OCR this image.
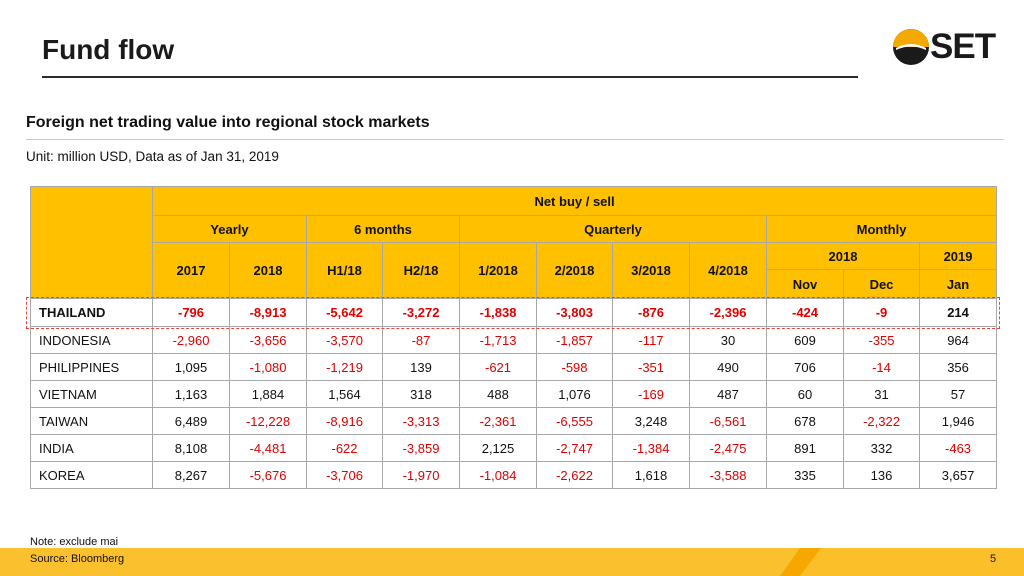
Fund flow	SET
Foreign net trading value into regional stock markets
Unit: million USD, Data as of Jan 31, 2019
	Net buy / sell										
	Yearly		6 months		Quarterly				Monthly		
	2017	2018	H1/18	H2/18	1/2018	2/2018	3/2018	4/2018	2018		2019
									Nov	Dec	Jan
THAILAND	-796	-8,913	-5,642	-3,272	-1,838	-3,803	-876	-2,396	-424	-9	214
INDONESIA	-2,960	-3,656	-3,570	-87	-1,713	-1,857	-117	30	609	-355	964
PHILIPPINES	1,095	-1,080	-1,219	139	-621	-598	-351	490	706	-14	356
VIETNAM	1,163	1,884	1,564	318	488	1,076	-169	487	60	31	57
TAIWAN	6,489	-12,228	-8,916	-3,313	-2,361	-6,555	3,248	-6,561	678	-2,322	1,946
INDIA	8,108	-4,481	-622	-3,859	2,125	-2,747	-1,384	-2,475	891	332	-463
KOREA	8,267	-5,676	-3,706	-1,970	-1,084	-2,622	1,618	-3,588	335	136	3,657
Note: exclude mai
Source: Bloomberg	5
